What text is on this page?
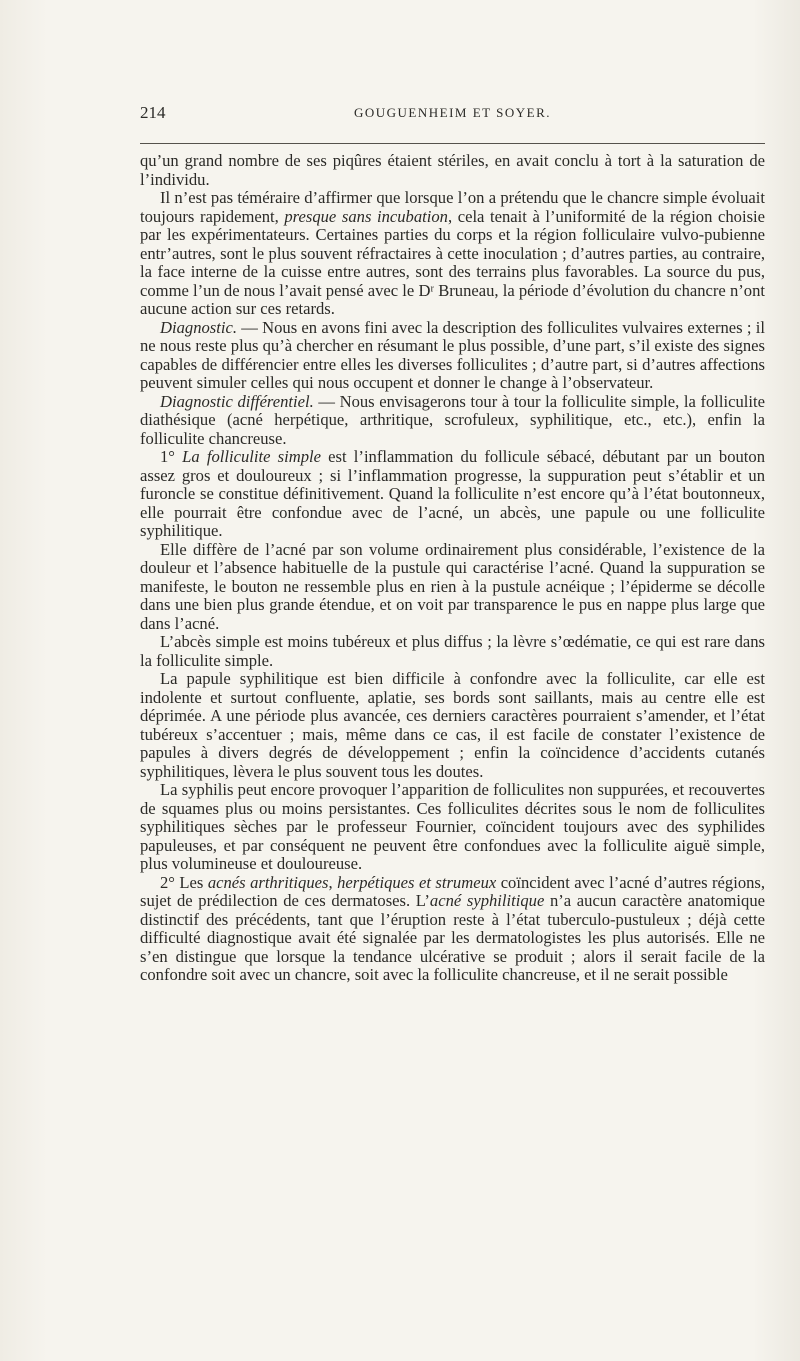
214	GOUGUENHEIM ET SOYER.

qu’un grand nombre de ses piqûres étaient stériles, en avait conclu à tort à la saturation de l’individu.

Il n’est pas téméraire d’affirmer que lorsque l’on a prétendu que le chancre simple évoluait toujours rapidement, presque sans incubation, cela tenait à l’uniformité de la région choisie par les expérimentateurs. Certaines parties du corps et la région folliculaire vulvo-pubienne entr’autres, sont le plus souvent réfractaires à cette inoculation ; d’autres parties, au contraire, la face interne de la cuisse entre autres, sont des terrains plus favorables. La source du pus, comme l’un de nous l’avait pensé avec le Dʳ Bruneau, la période d’évolution du chancre n’ont aucune action sur ces retards.

Diagnostic. — Nous en avons fini avec la description des folliculites vulvaires externes ; il ne nous reste plus qu’à chercher en résumant le plus possible, d’une part, s’il existe des signes capables de différencier entre elles les diverses folliculites ; d’autre part, si d’autres affections peuvent simuler celles qui nous occupent et donner le change à l’observateur.

Diagnostic différentiel. — Nous envisagerons tour à tour la folliculite simple, la folliculite diathésique (acné herpétique, arthritique, scrofuleux, syphilitique, etc., etc.), enfin la folliculite chancreuse.

1° La folliculite simple est l’inflammation du follicule sébacé, débutant par un bouton assez gros et douloureux ; si l’inflammation progresse, la suppuration peut s’établir et un furoncle se constitue définitivement. Quand la folliculite n’est encore qu’à l’état boutonneux, elle pourrait être confondue avec de l’acné, un abcès, une papule ou une folliculite syphilitique.

Elle diffère de l’acné par son volume ordinairement plus considérable, l’existence de la douleur et l’absence habituelle de la pustule qui caractérise l’acné. Quand la suppuration se manifeste, le bouton ne ressemble plus en rien à la pustule acnéique ; l’épiderme se décolle dans une bien plus grande étendue, et on voit par transparence le pus en nappe plus large que dans l’acné.

L’abcès simple est moins tubéreux et plus diffus ; la lèvre s’œdématie, ce qui est rare dans la folliculite simple.

La papule syphilitique est bien difficile à confondre avec la folliculite, car elle est indolente et surtout confluente, aplatie, ses bords sont saillants, mais au centre elle est déprimée. A une période plus avancée, ces derniers caractères pourraient s’amender, et l’état tubéreux s’accentuer ; mais, même dans ce cas, il est facile de constater l’existence de papules à divers degrés de développement ; enfin la coïncidence d’accidents cutanés syphilitiques, lèvera le plus souvent tous les doutes.

La syphilis peut encore provoquer l’apparition de folliculites non suppurées, et recouvertes de squames plus ou moins persistantes. Ces folliculites décrites sous le nom de folliculites syphilitiques sèches par le professeur Fournier, coïncident toujours avec des syphilides papuleuses, et par conséquent ne peuvent être confondues avec la folliculite aiguë simple, plus volumineuse et douloureuse.

2° Les acnés arthritiques, herpétiques et strumeux coïncident avec l’acné d’autres régions, sujet de prédilection de ces dermatoses. L’acné syphilitique n’a aucun caractère anatomique distinctif des précédents, tant que l’éruption reste à l’état tuberculo-pustuleux ; déjà cette difficulté diagnostique avait été signalée par les dermatologistes les plus autorisés. Elle ne s’en distingue que lorsque la tendance ulcérative se produit ; alors il serait facile de la confondre soit avec un chancre, soit avec la folliculite chancreuse, et il ne serait possible
